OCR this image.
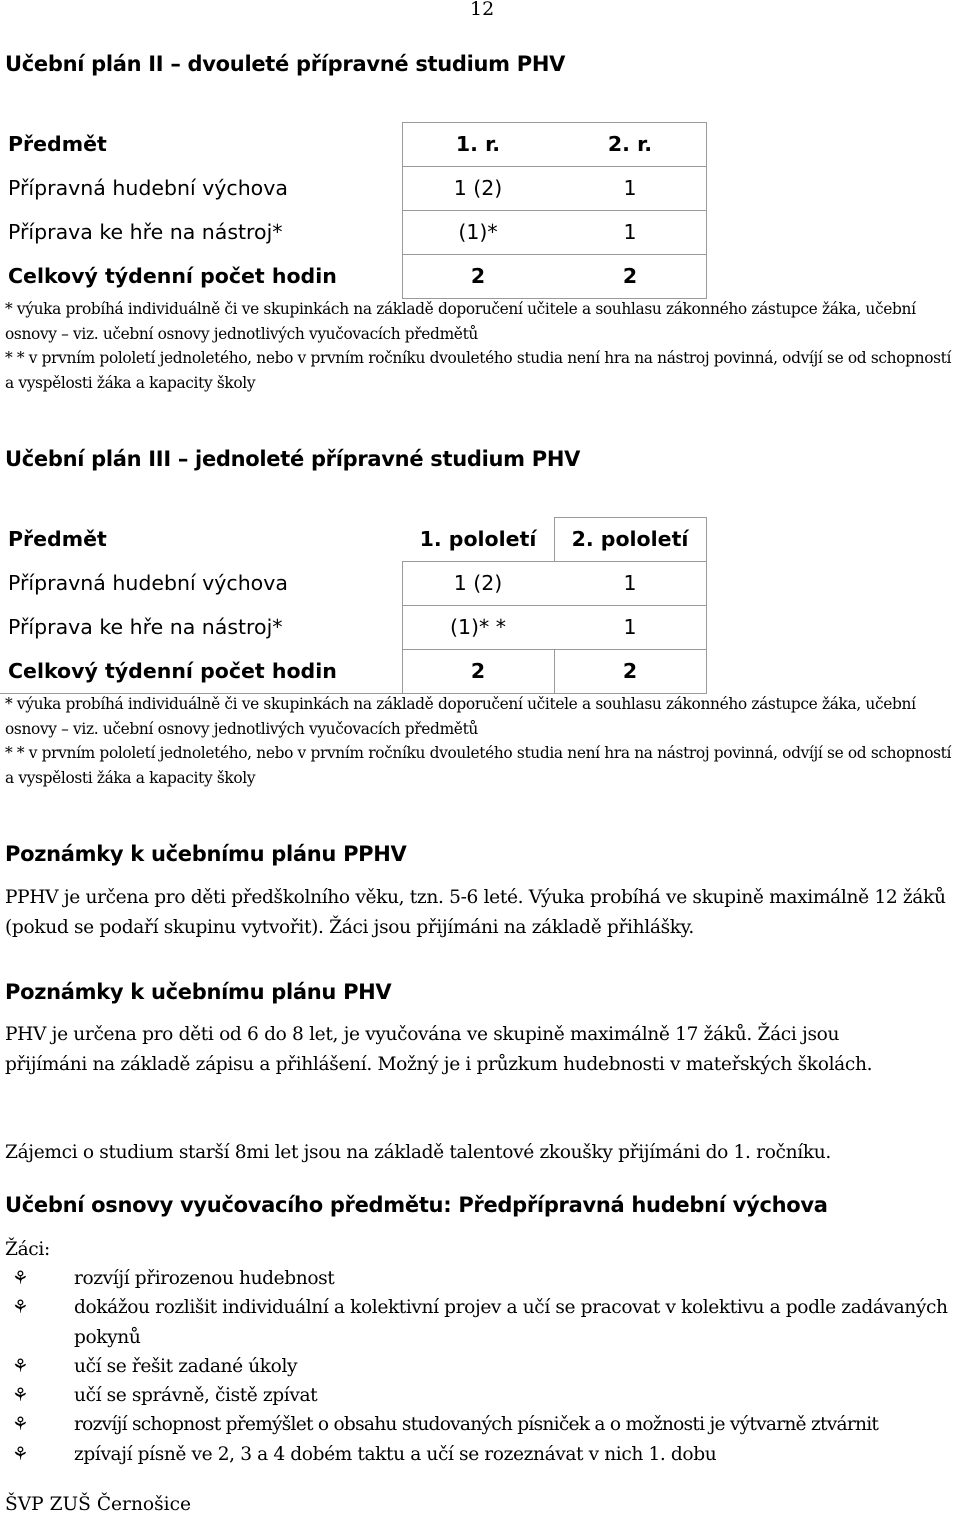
12
Učební plán II – dvouleté přípravné studium PHV
Předmět	1. r.	2. r.
Přípravná hudební výchova	1 (2)	1
Příprava ke hře na nástroj*	(1)*	1
Celkový týdenní počet hodin	2	2
* výuka probíhá individuálně či ve skupinkách na základě doporučení učitele a souhlasu zákonného zástupce žáka, učební osnovy – viz. učební osnovy jednotlivých vyučovacích předmětů
* * v prvním pololetí jednoletého, nebo v prvním ročníku dvouletého studia není hra na nástroj povinná, odvíjí se od schopností a vyspělosti žáka a kapacity školy
Učební plán III – jednoleté přípravné studium PHV
Předmět	1. pololetí	2. pololetí
Přípravná hudební výchova	1 (2)	1
Příprava ke hře na nástroj*	(1)* *	1
Celkový týdenní počet hodin	2	2
* výuka probíhá individuálně či ve skupinkách na základě doporučení učitele a souhlasu zákonného zástupce žáka, učební osnovy – viz. učební osnovy jednotlivých vyučovacích předmětů
* * v prvním pololetí jednoletého, nebo v prvním ročníku dvouletého studia není hra na nástroj povinná, odvíjí se od schopností a vyspělosti žáka a kapacity školy
Poznámky k učebnímu plánu PPHV
PPHV je určena pro děti předškolního věku, tzn. 5-6 leté. Výuka probíhá ve skupině maximálně 12 žáků (pokud se podaří skupinu vytvořit). Žáci jsou přijímáni na základě přihlášky.
Poznámky k učebnímu plánu PHV
PHV je určena pro děti od 6 do 8 let, je vyučována ve skupině maximálně 17 žáků. Žáci jsou přijímáni na základě zápisu a přihlášení. Možný je i průzkum hudebnosti v mateřských školách.
Zájemci o studium starší 8mi let jsou na základě talentové zkoušky přijímáni do 1. ročníku.
Učební osnovy vyučovacího předmětu: Předpřípravná hudební výchova
Žáci:
⚘ rozvíjí přirozenou hudebnost
⚘ dokážou rozlišit individuální a kolektivní projev a učí se pracovat v kolektivu a podle zadávaných pokynů
⚘ učí se řešit zadané úkoly
⚘ učí se správně, čistě zpívat
⚘ rozvíjí schopnost přemýšlet o obsahu studovaných písniček a o možnosti je výtvarně ztvárnit
⚘ zpívají písně ve 2, 3 a 4 dobém taktu a učí se rozeznávat v nich 1. dobu
ŠVP ZUŠ Černošice
